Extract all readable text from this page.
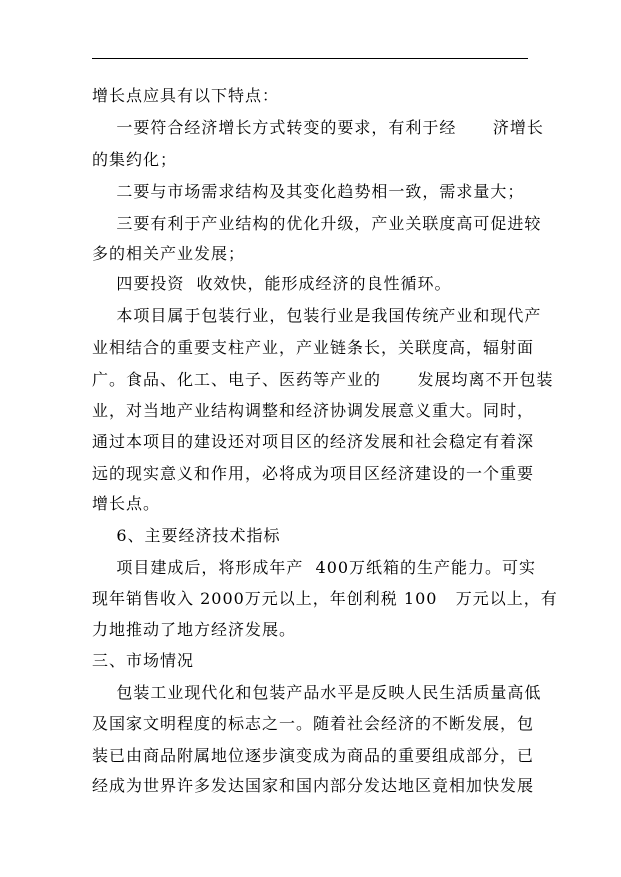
增长点应具有以下特点：
一要符合经济增长方式转变的要求，有利于经      济增长
的集约化；
二要与市场需求结构及其变化趋势相一致，需求量大；
三要有利于产业结构的优化升级，产业关联度高可促进较
多的相关产业发展；
四要投资  收效快，能形成经济的良性循环。
本项目属于包装行业，包装行业是我国传统产业和现代产
业相结合的重要支柱产业，产业链条长，关联度高，辐射面
广。食品、化工、电子、医药等产业的      发展均离不开包装
业，对当地产业结构调整和经济协调发展意义重大。同时，
通过本项目的建设还对项目区的经济发展和社会稳定有着深
远的现实意义和作用，必将成为项目区经济建设的一个重要
增长点。
6、主要经济技术指标
项目建成后，将形成年产  400万纸箱的生产能力。可实
现年销售收入 2000万元以上，年创利税 100   万元以上，有
力地推动了地方经济发展。
三、市场情况
包装工业现代化和包装产品水平是反映人民生活质量高低
及国家文明程度的标志之一。随着社会经济的不断发展，包
装已由商品附属地位逐步演变成为商品的重要组成部分，已
经成为世界许多发达国家和国内部分发达地区竟相加快发展
